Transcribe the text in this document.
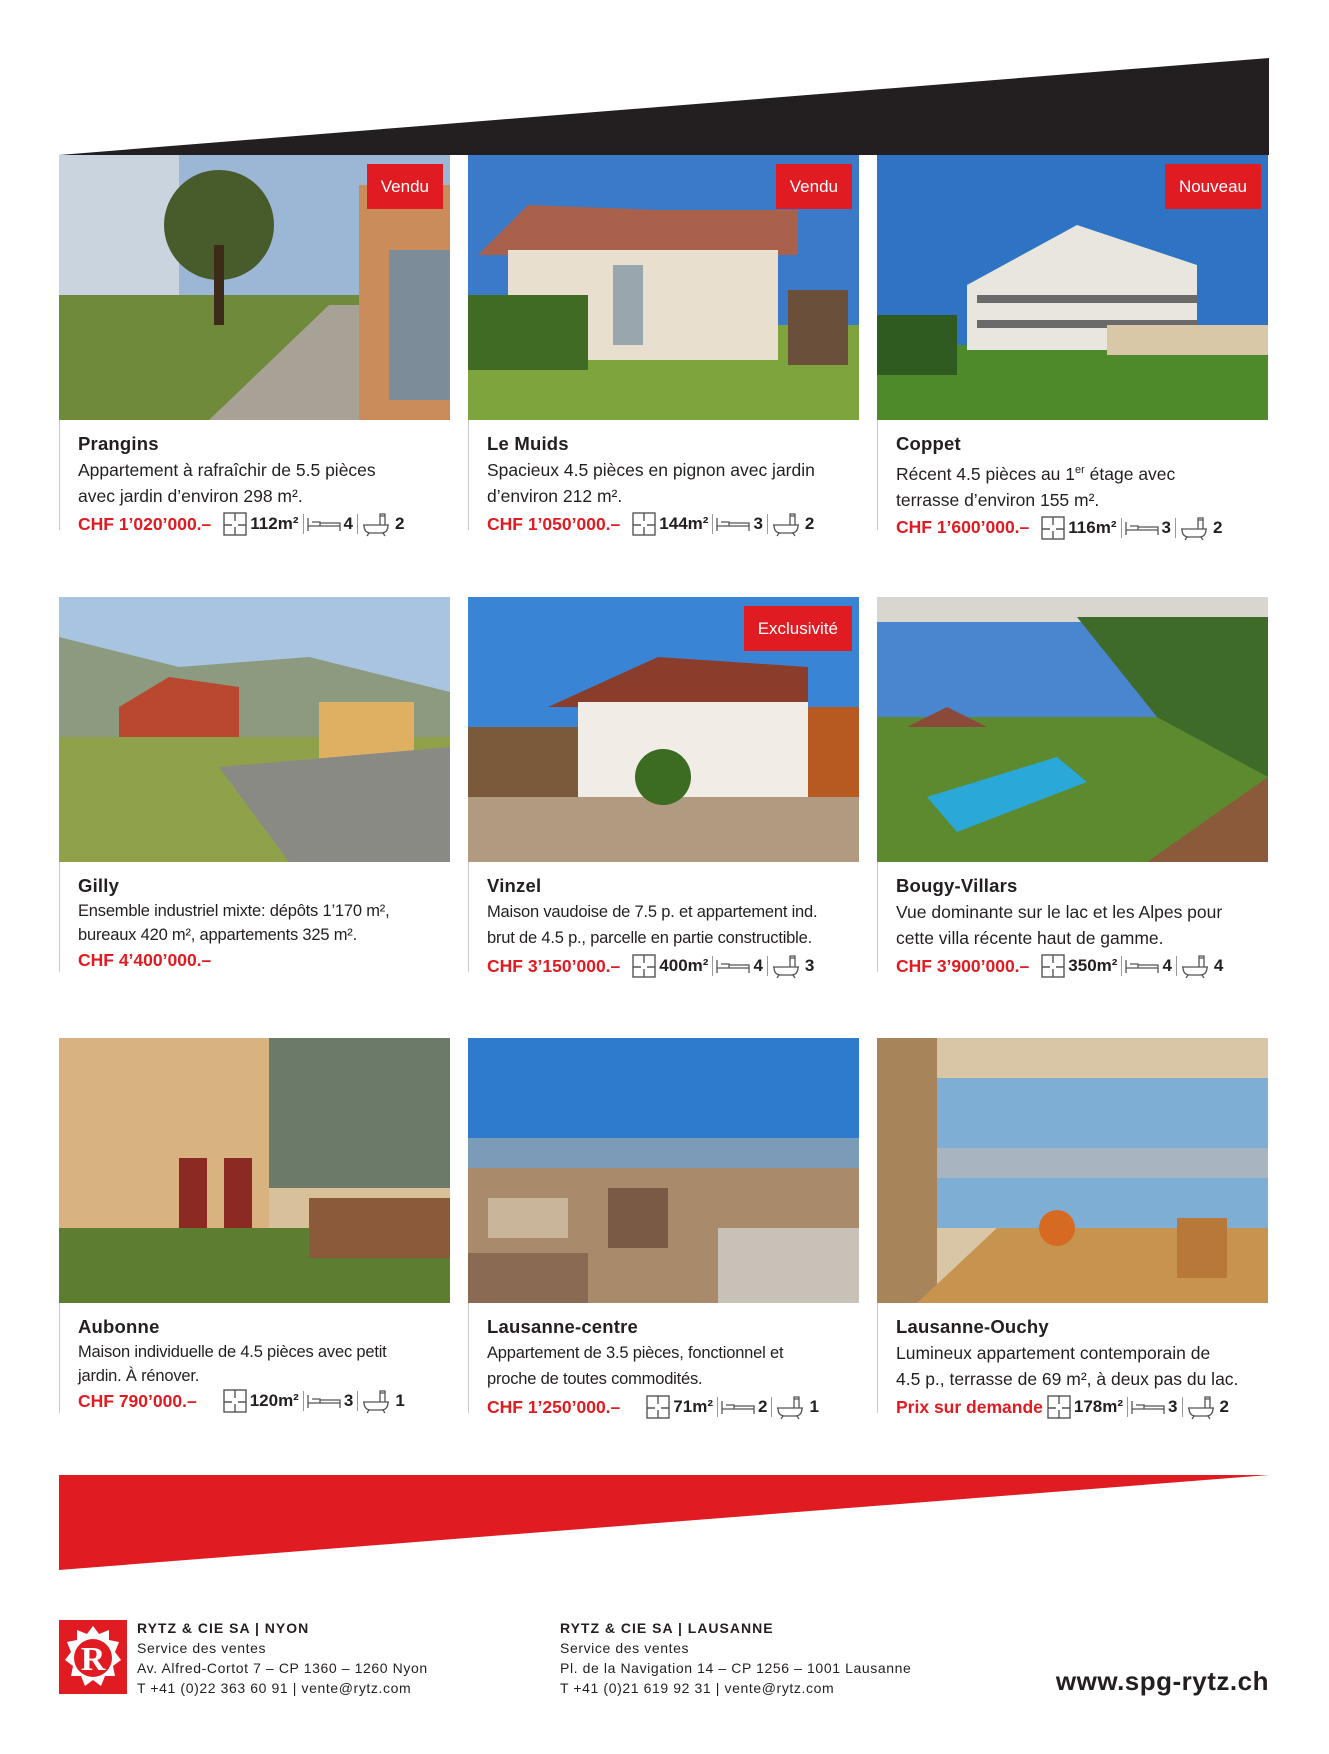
Vendu
Prangins
Appartement à rafraîchir de 5.5 pièces
avec jardin d’environ 298 m².
CHF 1’020’000.– 112 m²	4 2
Vendu
Le Muids
Spacieux 4.5 pièces en pignon avec jardin
d’environ 212 m².
CHF 1’050’000.– 144 m²	3 2
Nouveau
Coppet
Récent 4.5 pièces au 1er étage avec
terrasse d’environ 155 m².
CHF 1’600’000.– 116 m²	3 2
Gilly
Ensemble industriel mixte: dépôts 1’170 m²,
bureaux 420 m², appartements 325 m².
CHF 4’400’000.–
Exclusivité
Vinzel
Maison vaudoise de 7.5 p. et appartement ind.
brut de 4.5 p., parcelle en partie constructible.
CHF 3’150’000.– 400 m²	4 3
Bougy-Villars
Vue dominante sur le lac et les Alpes pour
cette villa récente haut de gamme.
CHF 3’900’000.– 350 m²	4 4
Aubonne
Maison individuelle de 4.5 pièces avec petit
jardin. À rénover.
CHF 790’000.–	120 m²	3 1
Lausanne-centre
Appartement de 3.5 pièces, fonctionnel et
proche de toutes commodités.
CHF 1’250’000.–	71 m²	2 1
Lausanne-Ouchy
Lumineux appartement contemporain de
4.5 p., terrasse de 69 m², à deux pas du lac.
Prix sur demande 178 m²	3 2
R
RYTZ & CIE SA | NYON
Service des ventes
Av. Alfred-Cortot 7 – CP 1360 – 1260 Nyon
T +41 (0)22 363 60 91 | vente@rytz.com
RYTZ & CIE SA | LAUSANNE
Service des ventes
Pl. de la Navigation 14 – CP 1256 – 1001 Lausanne
T +41 (0)21 619 92 31 | vente@rytz.com	www.spg-rytz.ch
